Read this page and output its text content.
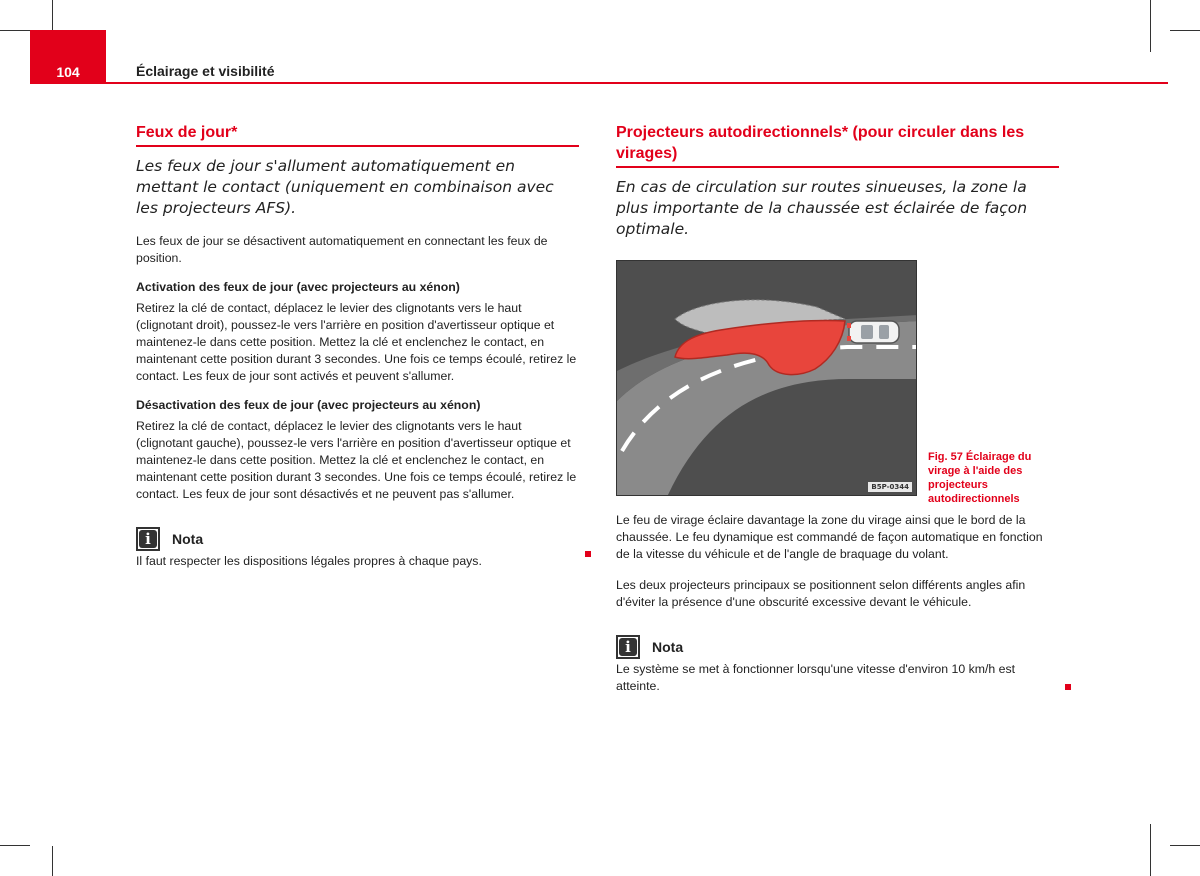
104	Éclairage et visibilité
Feux de jour*

Les feux de jour s'allument automatiquement en mettant le contact (uniquement en combinaison avec les projecteurs AFS).

Les feux de jour se désactivent automatiquement en connectant les feux de position.

Activation des feux de jour (avec projecteurs au xénon)

Retirez la clé de contact, déplacez le levier des clignotants vers le haut (clignotant droit), poussez-le vers l'arrière en position d'avertisseur optique et maintenez-le dans cette position. Mettez la clé et enclenchez le contact, en maintenant cette position durant 3 secondes. Une fois ce temps écoulé, retirez le contact. Les feux de jour sont activés et peuvent s'allumer.

Désactivation des feux de jour (avec projecteurs au xénon)

Retirez la clé de contact, déplacez le levier des clignotants vers le haut (clignotant gauche), poussez-le vers l'arrière en position d'avertisseur optique et maintenez-le dans cette position. Mettez la clé et enclenchez le contact, en maintenant cette position durant 3 secondes. Une fois ce temps écoulé, retirez le contact. Les feux de jour sont désactivés et ne peuvent pas s'allumer.

i	Nota

Il faut respecter les dispositions légales propres à chaque pays.

Projecteurs autodirectionnels* (pour circuler dans les virages)

En cas de circulation sur routes sinueuses, la zone la plus importante de la chaussée est éclairée de façon optimale.

B5P-0344
Fig. 57 Éclairage du virage à l'aide des projecteurs autodirectionnels

Le feu de virage éclaire davantage la zone du virage ainsi que le bord de la chaussée. Le feu dynamique est commandé de façon automatique en fonction de la vitesse du véhicule et de l'angle de braquage du volant.

Les deux projecteurs principaux se positionnent selon différents angles afin d'éviter la présence d'une obscurité excessive devant le véhicule.

i	Nota

Le système se met à fonctionner lorsqu'une vitesse d'environ 10 km/h est atteinte.
